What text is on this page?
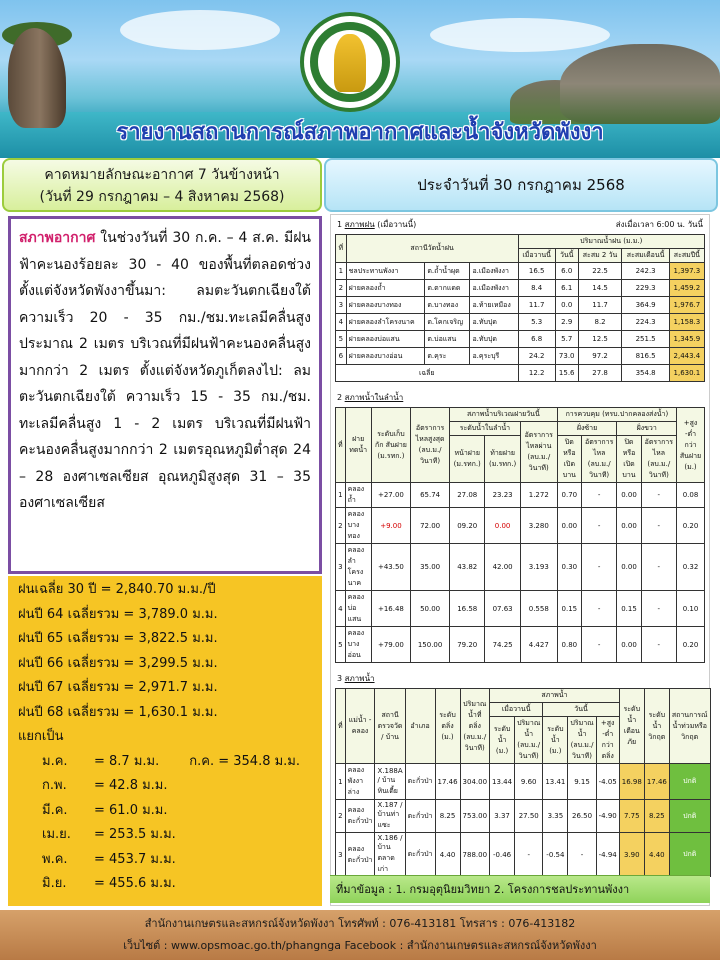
รายงานสถานการณ์สภาพอากาศและน้ำจังหวัดพังงา
คาดหมายลักษณะอากาศ 7 วันข้างหน้า
(วันที่ 29 กรกฎาคม – 4 สิงหาคม 2568)
ประจำวันที่ 30 กรกฎาคม 2568

สภาพอากาศ ในช่วงวันที่ 30 ก.ค. – 4 ส.ค. มีฝนฟ้าคะนองร้อยละ 30 - 40 ของพื้นที่ตลอดช่วงตั้งแต่จังหวัดพังงาขึ้นมา: ลมตะวันตกเฉียงใต้ ความเร็ว 20 - 35 กม./ชม.ทะเลมีคลื่นสูงประมาณ 2 เมตร บริเวณที่มีฝนฟ้าคะนองคลื่นสูงมากกว่า 2 เมตร ตั้งแต่จังหวัดภูเก็ตลงไป: ลมตะวันตกเฉียงใต้ ความเร็ว 15 - 35 กม./ชม. ทะเลมีคลื่นสูง 1 - 2 เมตร บริเวณที่มีฝนฟ้าคะนองคลื่นสูงมากกว่า 2 เมตรอุณหภูมิต่ำสุด 24 – 28 องศาเซลเซียส อุณหภูมิสูงสุด 31 – 35 องศาเซลเซียส

ฝนเฉลี่ย 30 ปี = 2,840.70 ม.ม./ปี
ฝนปี 64 เฉลี่ยรวม = 3,789.0 ม.ม.
ฝนปี 65 เฉลี่ยรวม = 3,822.5 ม.ม.
ฝนปี 66 เฉลี่ยรวม = 3,299.5 ม.ม.
ฝนปี 67 เฉลี่ยรวม = 2,971.7 ม.ม.
ฝนปี 68 เฉลี่ยรวม = 1,630.1 ม.ม.
แยกเป็น
ม.ค. = 8.7 ม.ม. ก.ค. = 354.8 ม.ม.
ก.พ. = 42.8 ม.ม.
มี.ค. = 61.0 ม.ม.
เม.ย. = 253.5 ม.ม.
พ.ค. = 453.7 ม.ม.
มิ.ย. = 455.6 ม.ม.
1 สภาพฝน (เมื่อวานนี้)	ส่งเมื่อเวลา 6:00 น. วันนี้
ที่	สถานีวัดน้ำฝน			ปริมาณน้ำฝน (ม.ม.)				
				เมื่อวานนี้	วันนี้	สะสม 2 วัน	สะสมเดือนนี้	สะสมปีนี้
1	ชลประทานพังงา	ต.ถ้ำน้ำผุด	อ.เมืองพังงา	16.5	6.0	22.5	242.3	1,397.3
2	ฝายคลองถ้ำ	ต.ตากแดด	อ.เมืองพังงา	8.4	6.1	14.5	229.3	1,459.2
3	ฝายคลองบางทอง	ต.บางทอง	อ.ท้ายเหมือง	11.7	0.0	11.7	364.9	1,976.7
4	ฝายคลองลำโครงนาค	ต.โคกเจริญ	อ.ทับปุด	5.3	2.9	8.2	224.3	1,158.3
5	ฝายคลองบ่อแสน	ต.บ่อแสน	อ.ทับปุด	6.8	5.7	12.5	251.5	1,345.9
6	ฝายคลองบางอ่อน	ต.คุระ	อ.คุระบุรี	24.2	73.0	97.2	816.5	2,443.4
เฉลี่ย				12.2	15.6	27.8	354.8	1,630.1
2 สภาพน้ำในลำน้ำ
ที่	ฝายทดน้ำ	ระดับเก็บกัก สันฝาย (ม.รทก.)	อัตราการไหลสูงสุด (ลบ.ม./วินาที)	สภาพน้ำบริเวณฝายวันนี้			การควบคุม (ทรบ.ปากคลองส่งน้ำ)				+สูง -ต่ำกว่า สันฝาย (ม.)
				ระดับน้ำในลำน้ำ		อัตราการไหลผ่าน (ลบ.ม./วินาที)	ฝั่งซ้าย		ฝั่งขวา		
				หน้าฝาย (ม.รทก.)	ท้ายฝาย (ม.รทก.)		ปิดหรือเปิดบาน	อัตราการไหล (ลบ.ม./วินาที)	ปิดหรือเปิดบาน	อัตราการไหล (ลบ.ม./วินาที)	
1	คลองถ้ำ	+27.00	65.74	27.08	23.23	1.272	0.70	-	0.00	-	0.08
2	คลองบางทอง	+9.00	72.00	09.20	0.00	3.280	0.00	-	0.00	-	0.20
3	คลองลำโครงนาค	+43.50	35.00	43.82	42.00	3.193	0.30	-	0.00	-	0.32
4	คลองบ่อแสน	+16.48	50.00	16.58	07.63	0.558	0.15	-	0.15	-	0.10
5	คลองบางอ่อน	+79.00	150.00	79.20	74.25	4.427	0.80	-	0.00	-	0.20
3 สภาพน้ำ
ที่	แม่น้ำ - คลอง	สถานีตรวจวัด / บ้าน	อำเภอ	ระดับตลิ่ง (ม.)	ปริมาณน้ำที่ตลิ่ง (ลบ.ม./วินาที)	สภาพน้ำ					ระดับน้ำเตือนภัย	ระดับน้ำวิกฤต	สถานการณ์น้ำท่วมหรือวิกฤต
						เมื่อวานนี้		วันนี้					
						ระดับน้ำ (ม.)	ปริมาณน้ำ (ลบ.ม./วินาที)	ระดับน้ำ (ม.)	ปริมาณน้ำ (ลบ.ม./วินาที)	+สูง -ต่ำกว่าตลิ่ง			
1	คลองพังงาล่าง	X.188A / บ้านหินเตี้ย	ตะกั่วป่า	17.46	304.00	13.44	9.60	13.41	9.15	-4.05	16.98	17.46	ปกติ
2	คลองตะกั่วป่า	X.187 / บ้านท่าแซะ	ตะกั่วป่า	8.25	753.00	3.37	27.50	3.35	26.50	-4.90	7.75	8.25	ปกติ
3	คลองตะกั่วป่า	X.186 / บ้านตลาดเก่า	ตะกั่วป่า	4.40	788.00	-0.46	-	-0.54	-	-4.94	3.90	4.40	ปกติ
ที่มาข้อมูล : 1. กรมอุตุนิยมวิทยา 2. โครงการชลประทานพังงา
สำนักงานเกษตรและสหกรณ์จังหวัดพังงา โทรศัพท์ : 076-413181 โทรสาร : 076-413182
เว็บไซต์ : www.opsmoac.go.th/phangnga Facebook : สำนักงานเกษตรและสหกรณ์จังหวัดพังงา
